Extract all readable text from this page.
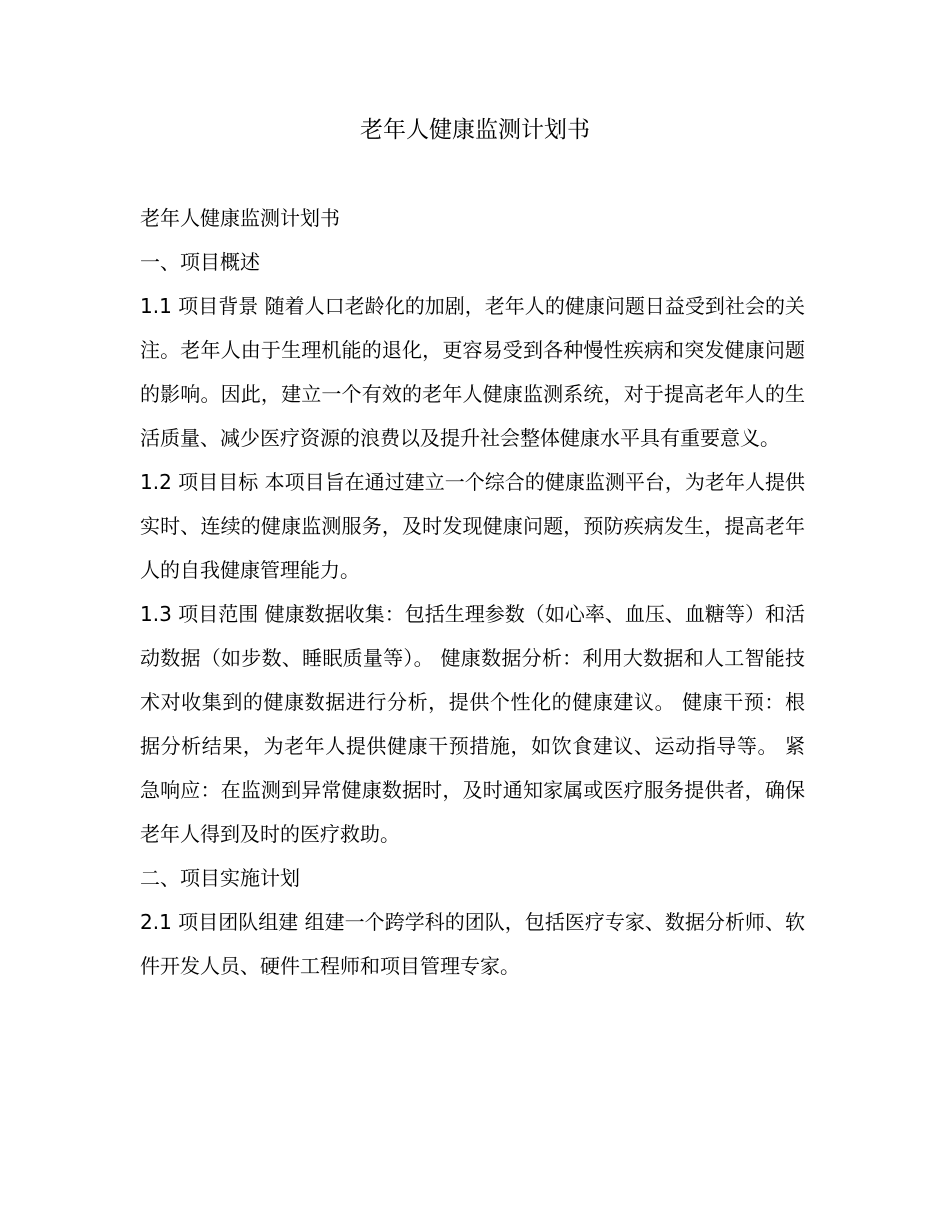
老年人健康监测计划书

老年人健康监测计划书

一、项目概述

1.1 项目背景 随着人口老龄化的加剧，老年人的健康问题日益受到社会的关注。老年人由于生理机能的退化，更容易受到各种慢性疾病和突发健康问题的影响。因此，建立一个有效的老年人健康监测系统，对于提高老年人的生活质量、减少医疗资源的浪费以及提升社会整体健康水平具有重要意义。

1.2 项目目标 本项目旨在通过建立一个综合的健康监测平台，为老年人提供实时、连续的健康监测服务，及时发现健康问题，预防疾病发生，提高老年人的自我健康管理能力。

1.3 项目范围 健康数据收集：包括生理参数（如心率、血压、血糖等）和活动数据（如步数、睡眠质量等）。 健康数据分析：利用大数据和人工智能技术对收集到的健康数据进行分析，提供个性化的健康建议。 健康干预：根据分析结果，为老年人提供健康干预措施，如饮食建议、运动指导等。 紧急响应：在监测到异常健康数据时，及时通知家属或医疗服务提供者，确保老年人得到及时的医疗救助。

二、项目实施计划

2.1 项目团队组建 组建一个跨学科的团队，包括医疗专家、数据分析师、软件开发人员、硬件工程师和项目管理专家。
